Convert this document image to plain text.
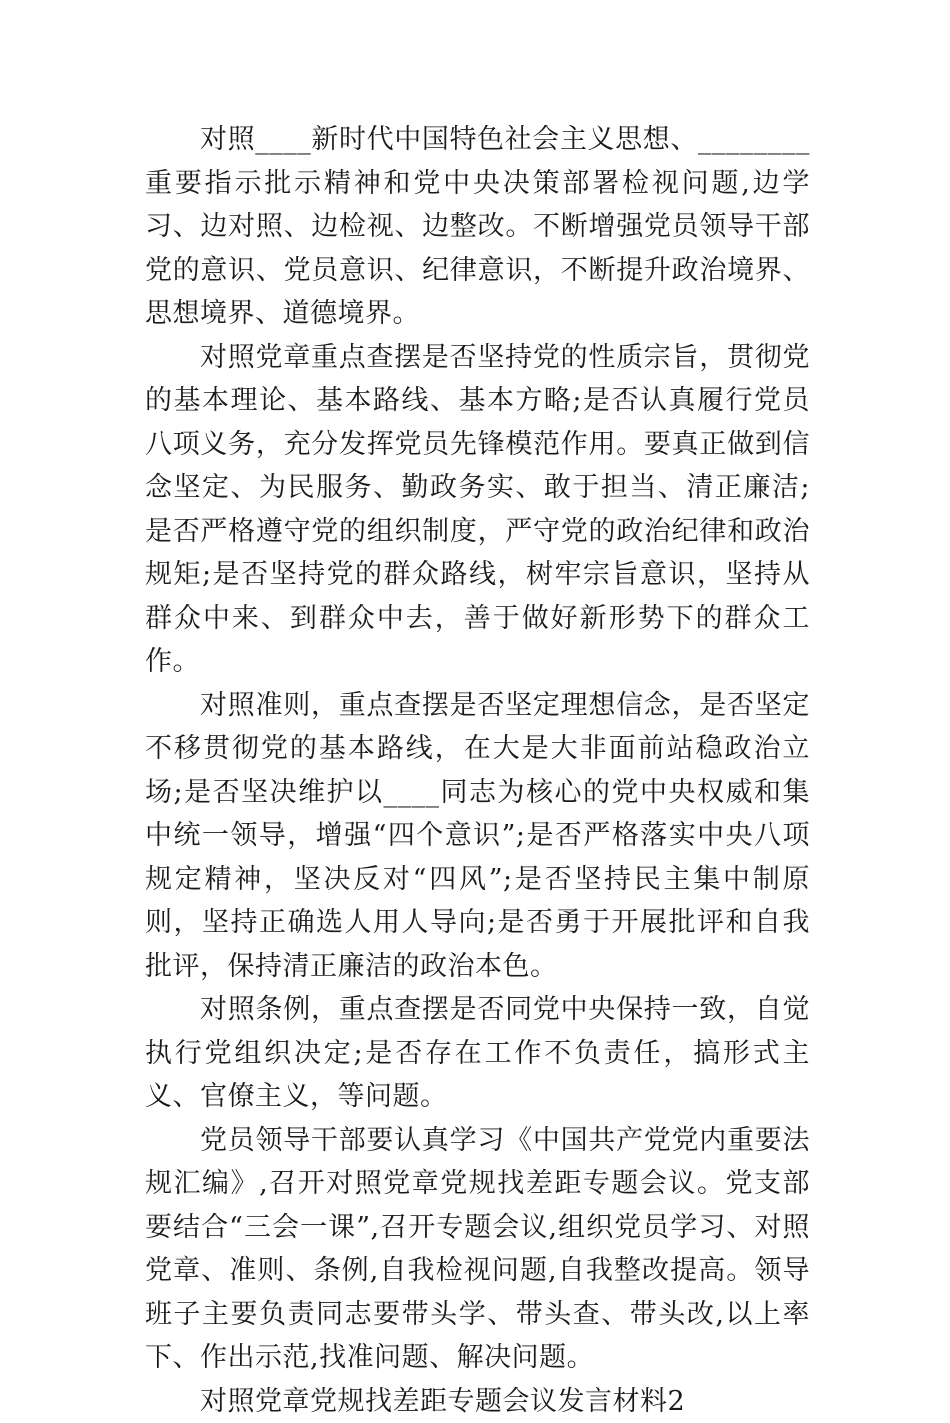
对照____新时代中国特色社会主义思想、________重要指示批示精神和党中央决策部署检视问题,边学习、边对照、边检视、边整改。不断增强党员领导干部党的意识、党员意识、纪律意识，不断提升政治境界、思想境界、道德境界。

对照党章重点查摆是否坚持党的性质宗旨，贯彻党的基本理论、基本路线、基本方略;是否认真履行党员八项义务，充分发挥党员先锋模范作用。要真正做到信念坚定、为民服务、勤政务实、敢于担当、清正廉洁;是否严格遵守党的组织制度，严守党的政治纪律和政治规矩;是否坚持党的群众路线，树牢宗旨意识，坚持从群众中来、到群众中去，善于做好新形势下的群众工作。

对照准则，重点查摆是否坚定理想信念，是否坚定不移贯彻党的基本路线，在大是大非面前站稳政治立场;是否坚决维护以____同志为核心的党中央权威和集中统一领导，增强“四个意识”;是否严格落实中央八项规定精神，坚决反对“四风”;是否坚持民主集中制原则，坚持正确选人用人导向;是否勇于开展批评和自我批评，保持清正廉洁的政治本色。

对照条例，重点查摆是否同党中央保持一致，自觉执行党组织决定;是否存在工作不负责任，搞形式主义、官僚主义，等问题。

党员领导干部要认真学习《中国共产党党内重要法规汇编》,召开对照党章党规找差距专题会议。党支部要结合“三会一课”,召开专题会议,组织党员学习、对照党章、准则、条例,自我检视问题,自我整改提高。领导班子主要负责同志要带头学、带头查、带头改,以上率下、作出示范,找准问题、解决问题。

对照党章党规找差距专题会议发言材料2
